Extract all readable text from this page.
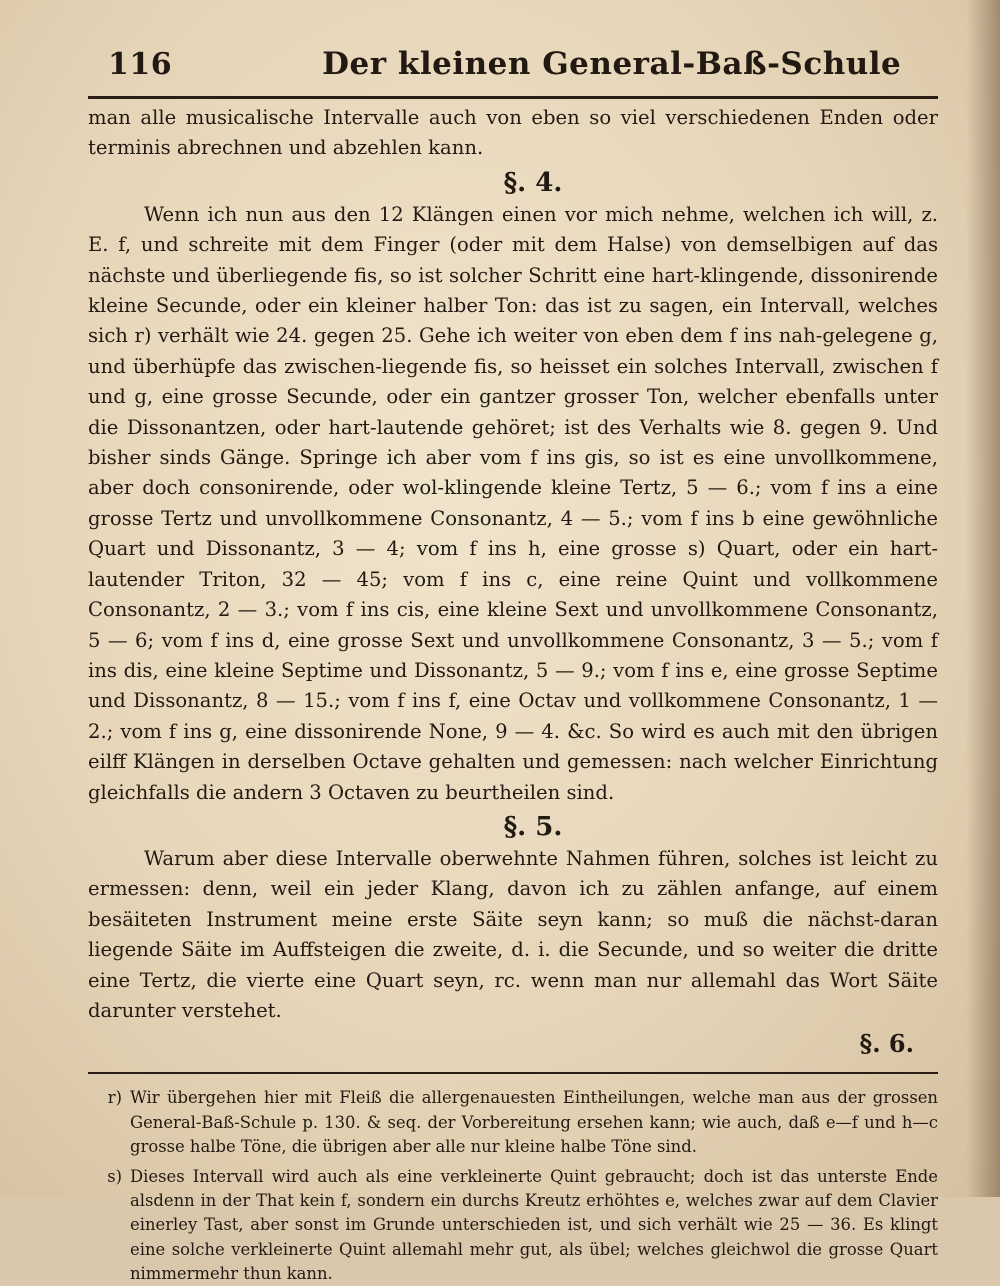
116	Der kleinen General-Baß-Schule

man alle musicalische Intervalle auch von eben so viel verschiedenen Enden oder terminis abrechnen und abzehlen kann.

§. 4.

Wenn ich nun aus den 12 Klängen einen vor mich nehme, welchen ich will, z. E. f, und schreite mit dem Finger (oder mit dem Halse) von demselbigen auf das nächste und überliegende fis, so ist solcher Schritt eine hart-klingende, dissonirende kleine Secunde, oder ein kleiner halber Ton: das ist zu sagen, ein Intervall, welches sich r) verhält wie 24. gegen 25. Gehe ich weiter von eben dem f ins nah-gelegene g, und überhüpfe das zwischen-liegende fis, so heisset ein solches Intervall, zwischen f und g, eine grosse Secunde, oder ein gantzer grosser Ton, welcher ebenfalls unter die Dissonantzen, oder hart-lautende gehöret; ist des Verhalts wie 8. gegen 9. Und bisher sinds Gänge. Springe ich aber vom f ins gis, so ist es eine unvollkommene, aber doch consonirende, oder wol-klingende kleine Tertz, 5 — 6.; vom f ins a eine grosse Tertz und unvollkommene Consonantz, 4 — 5.; vom f ins b eine gewöhnliche Quart und Dissonantz, 3 — 4; vom f ins h, eine grosse s) Quart, oder ein hart-lautender Triton, 32 — 45; vom f ins c, eine reine Quint und vollkommene Consonantz, 2 — 3.; vom f ins cis, eine kleine Sext und unvollkommene Consonantz, 5 — 6; vom f ins d, eine grosse Sext und unvollkommene Consonantz, 3 — 5.; vom f ins dis, eine kleine Septime und Dissonantz, 5 — 9.; vom f ins e, eine grosse Septime und Dissonantz, 8 — 15.; vom f ins f, eine Octav und vollkommene Consonantz, 1 — 2.; vom f ins g, eine dissonirende None, 9 — 4. &c. So wird es auch mit den übrigen eilff Klängen in derselben Octave gehalten und gemessen: nach welcher Einrichtung gleichfalls die andern 3 Octaven zu beurtheilen sind.

§. 5.

Warum aber diese Intervalle oberwehnte Nahmen führen, solches ist leicht zu ermessen: denn, weil ein jeder Klang, davon ich zu zählen anfange, auf einem besäiteten Instrument meine erste Säite seyn kann; so muß die nächst-daran liegende Säite im Auffsteigen die zweite, d. i. die Secunde, und so weiter die dritte eine Tertz, die vierte eine Quart seyn, rc. wenn man nur allemahl das Wort Säite darunter verstehet.

§. 6.
r) Wir übergehen hier mit Fleiß die allergenauesten Eintheilungen, welche man aus der grossen General-Baß-Schule p. 130. & seq. der Vorbereitung ersehen kann; wie auch, daß e—f und h—c grosse halbe Töne, die übrigen aber alle nur kleine halbe Töne sind.
s) Dieses Intervall wird auch als eine verkleinerte Quint gebraucht; doch ist das unterste Ende alsdenn in der That kein f, sondern ein durchs Kreutz erhöhtes e, welches zwar auf dem Clavier einerley Tast, aber sonst im Grunde unterschieden ist, und sich verhält wie 25 — 36. Es klingt eine solche verkleinerte Quint allemahl mehr gut, als übel; welches gleichwol die grosse Quart nimmermehr thun kann.
